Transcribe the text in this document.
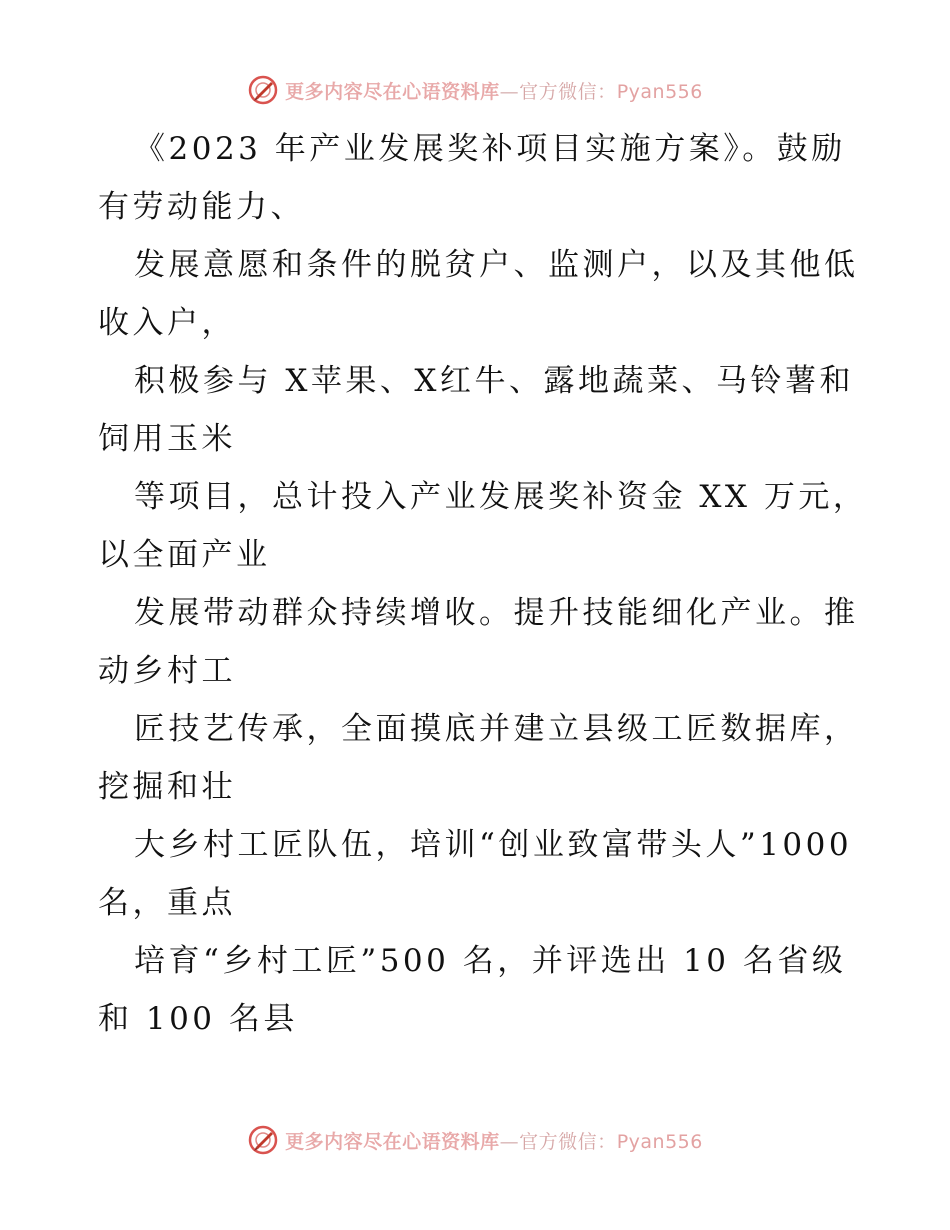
更多内容尽在心语资料库—官方微信：Pyan556
《2023 年产业发展奖补项目实施方案》。鼓励
有劳动能力、
发展意愿和条件的脱贫户、监测户，以及其他低
收入户，
积极参与 X苹果、X红牛、露地蔬菜、马铃薯和
饲用玉米
等项目，总计投入产业发展奖补资金 XX 万元，
以全面产业
发展带动群众持续增收。提升技能细化产业。推
动乡村工
匠技艺传承，全面摸底并建立县级工匠数据库，
挖掘和壮
大乡村工匠队伍，培训“创业致富带头人”1000
名，重点
培育“乡村工匠”500 名，并评选出 10 名省级
和 100 名县
更多内容尽在心语资料库—官方微信：Pyan556
